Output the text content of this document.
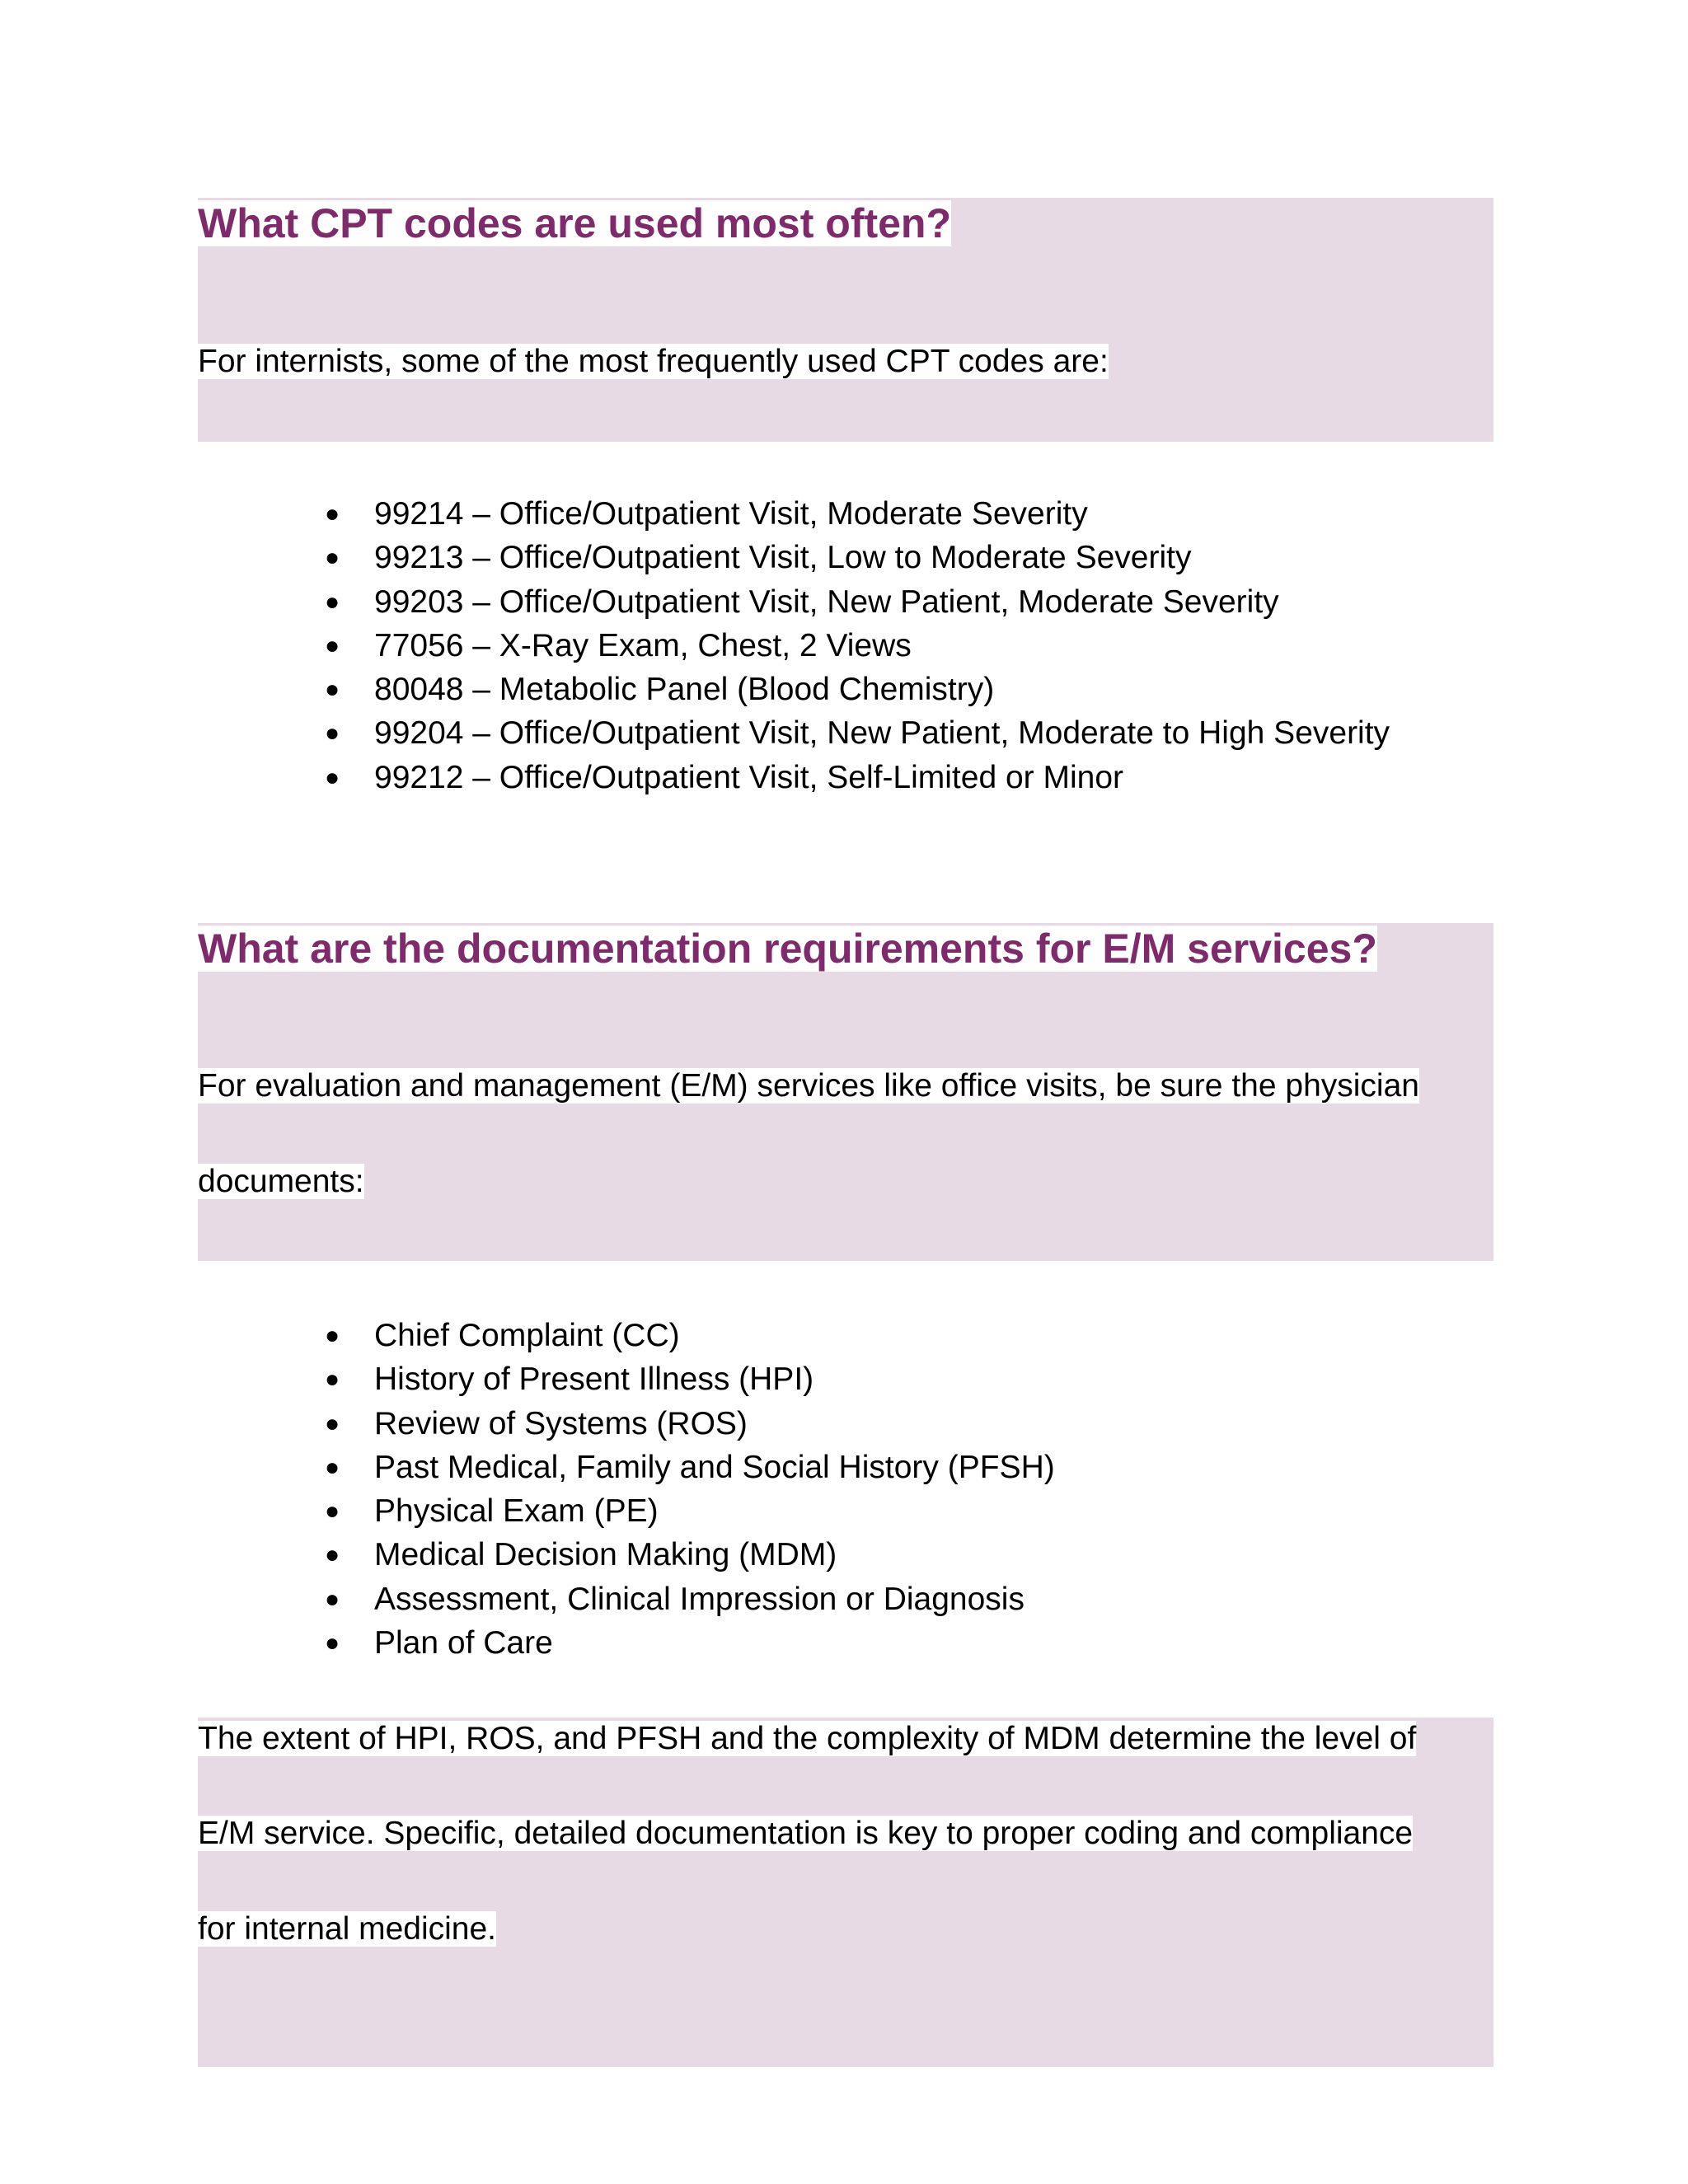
What CPT codes are used most often?
For internists, some of the most frequently used CPT codes are:
● 99214 – Office/Outpatient Visit, Moderate Severity
● 99213 – Office/Outpatient Visit, Low to Moderate Severity
● 99203 – Office/Outpatient Visit, New Patient, Moderate Severity
● 77056 – X-Ray Exam, Chest, 2 Views
● 80048 – Metabolic Panel (Blood Chemistry)
● 99204 – Office/Outpatient Visit, New Patient, Moderate to High Severity
● 99212 – Office/Outpatient Visit, Self-Limited or Minor
What are the documentation requirements for E/M services?
For evaluation and management (E/M) services like office visits, be sure the physician
documents:
● Chief Complaint (CC)
● History of Present Illness (HPI)
● Review of Systems (ROS)
● Past Medical, Family and Social History (PFSH)
● Physical Exam (PE)
● Medical Decision Making (MDM)
● Assessment, Clinical Impression or Diagnosis
● Plan of Care
The extent of HPI, ROS, and PFSH and the complexity of MDM determine the level of
E/M service. Specific, detailed documentation is key to proper coding and compliance
for internal medicine.
